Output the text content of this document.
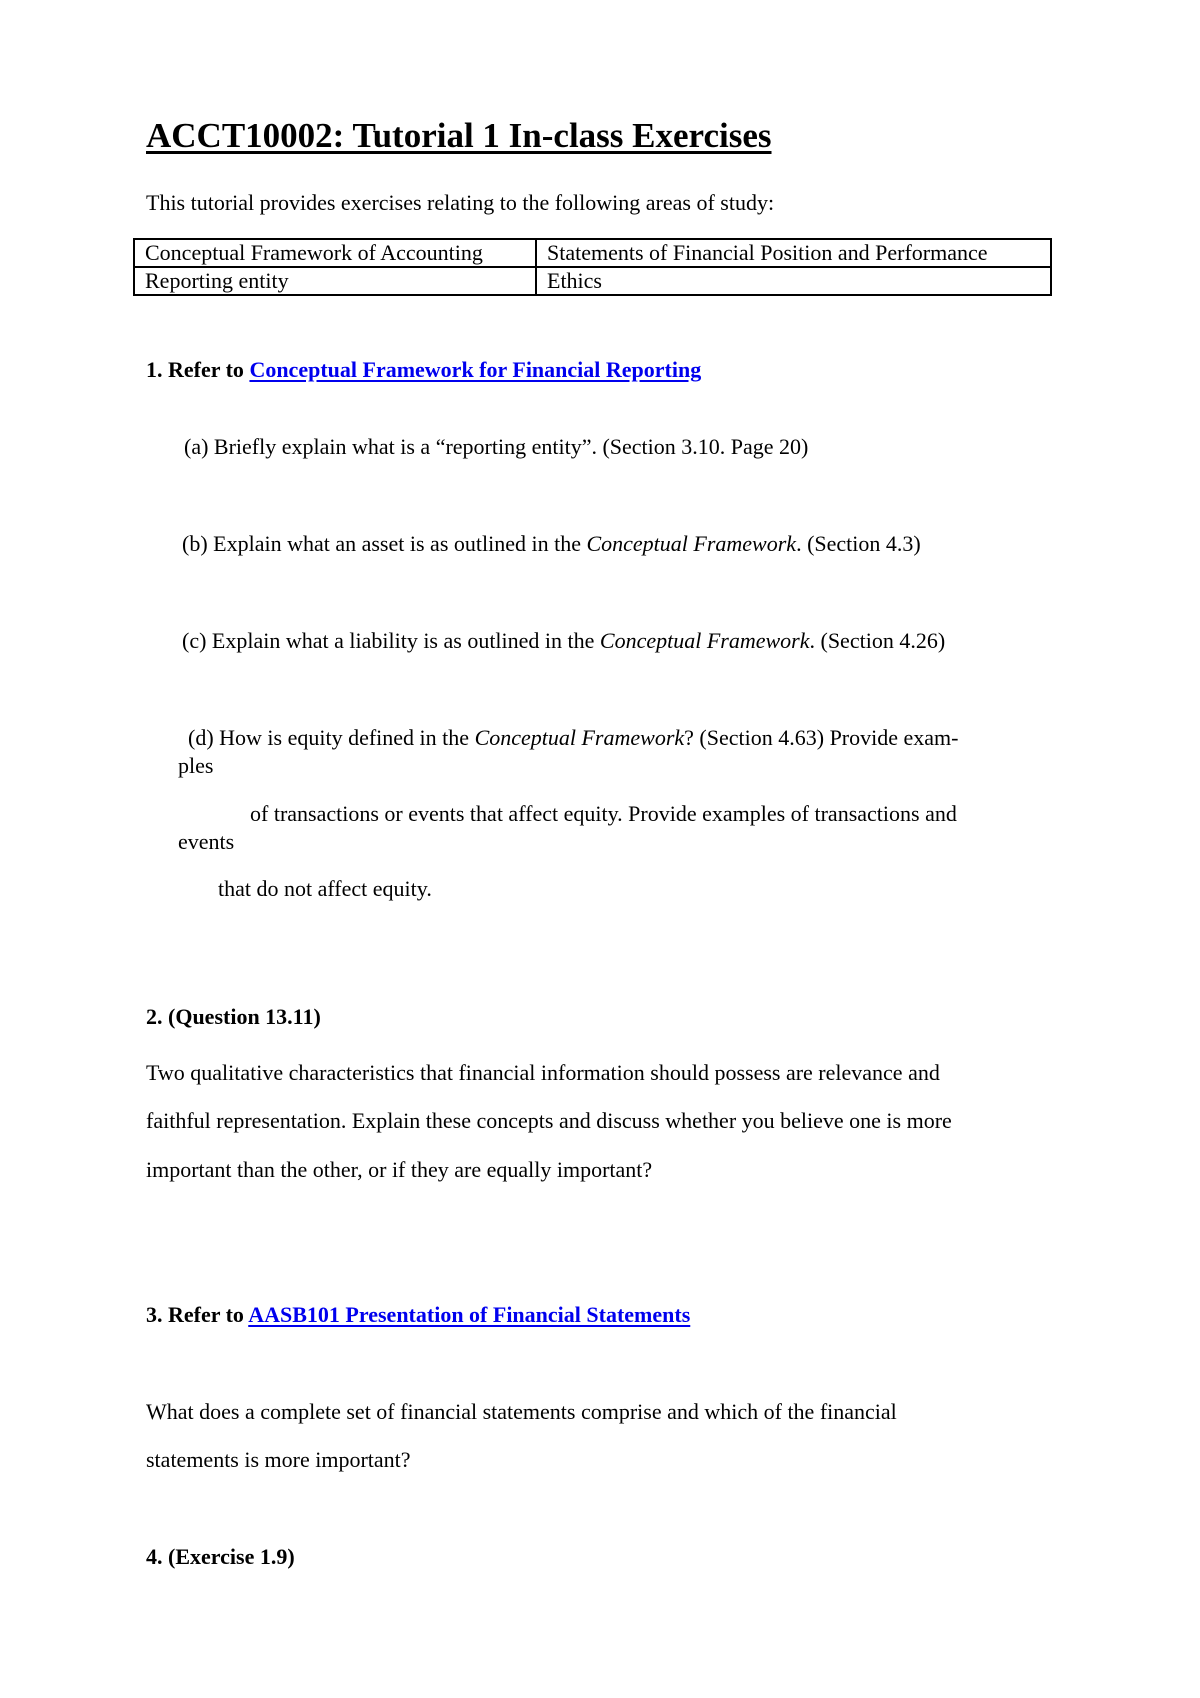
ACCT10002: Tutorial 1 In-class Exercises
This tutorial provides exercises relating to the following areas of study:
Conceptual Framework of Accounting	Statements of Financial Position and Performance
Reporting entity	Ethics
1. Refer to Conceptual Framework for Financial Reporting
(a) Briefly explain what is a “reporting entity”. (Section 3.10. Page 20)
(b) Explain what an asset is as outlined in the Conceptual Framework. (Section 4.3)
(c) Explain what a liability is as outlined in the Conceptual Framework. (Section 4.26)
(d) How is equity defined in the Conceptual Framework? (Section 4.63) Provide exam-
ples
of transactions or events that affect equity. Provide examples of transactions and
events
that do not affect equity.
2. (Question 13.11)
Two qualitative characteristics that financial information should possess are relevance and
faithful representation. Explain these concepts and discuss whether you believe one is more
important than the other, or if they are equally important?
3. Refer to AASB101 Presentation of Financial Statements
What does a complete set of financial statements comprise and which of the financial
statements is more important?
4. (Exercise 1.9)
